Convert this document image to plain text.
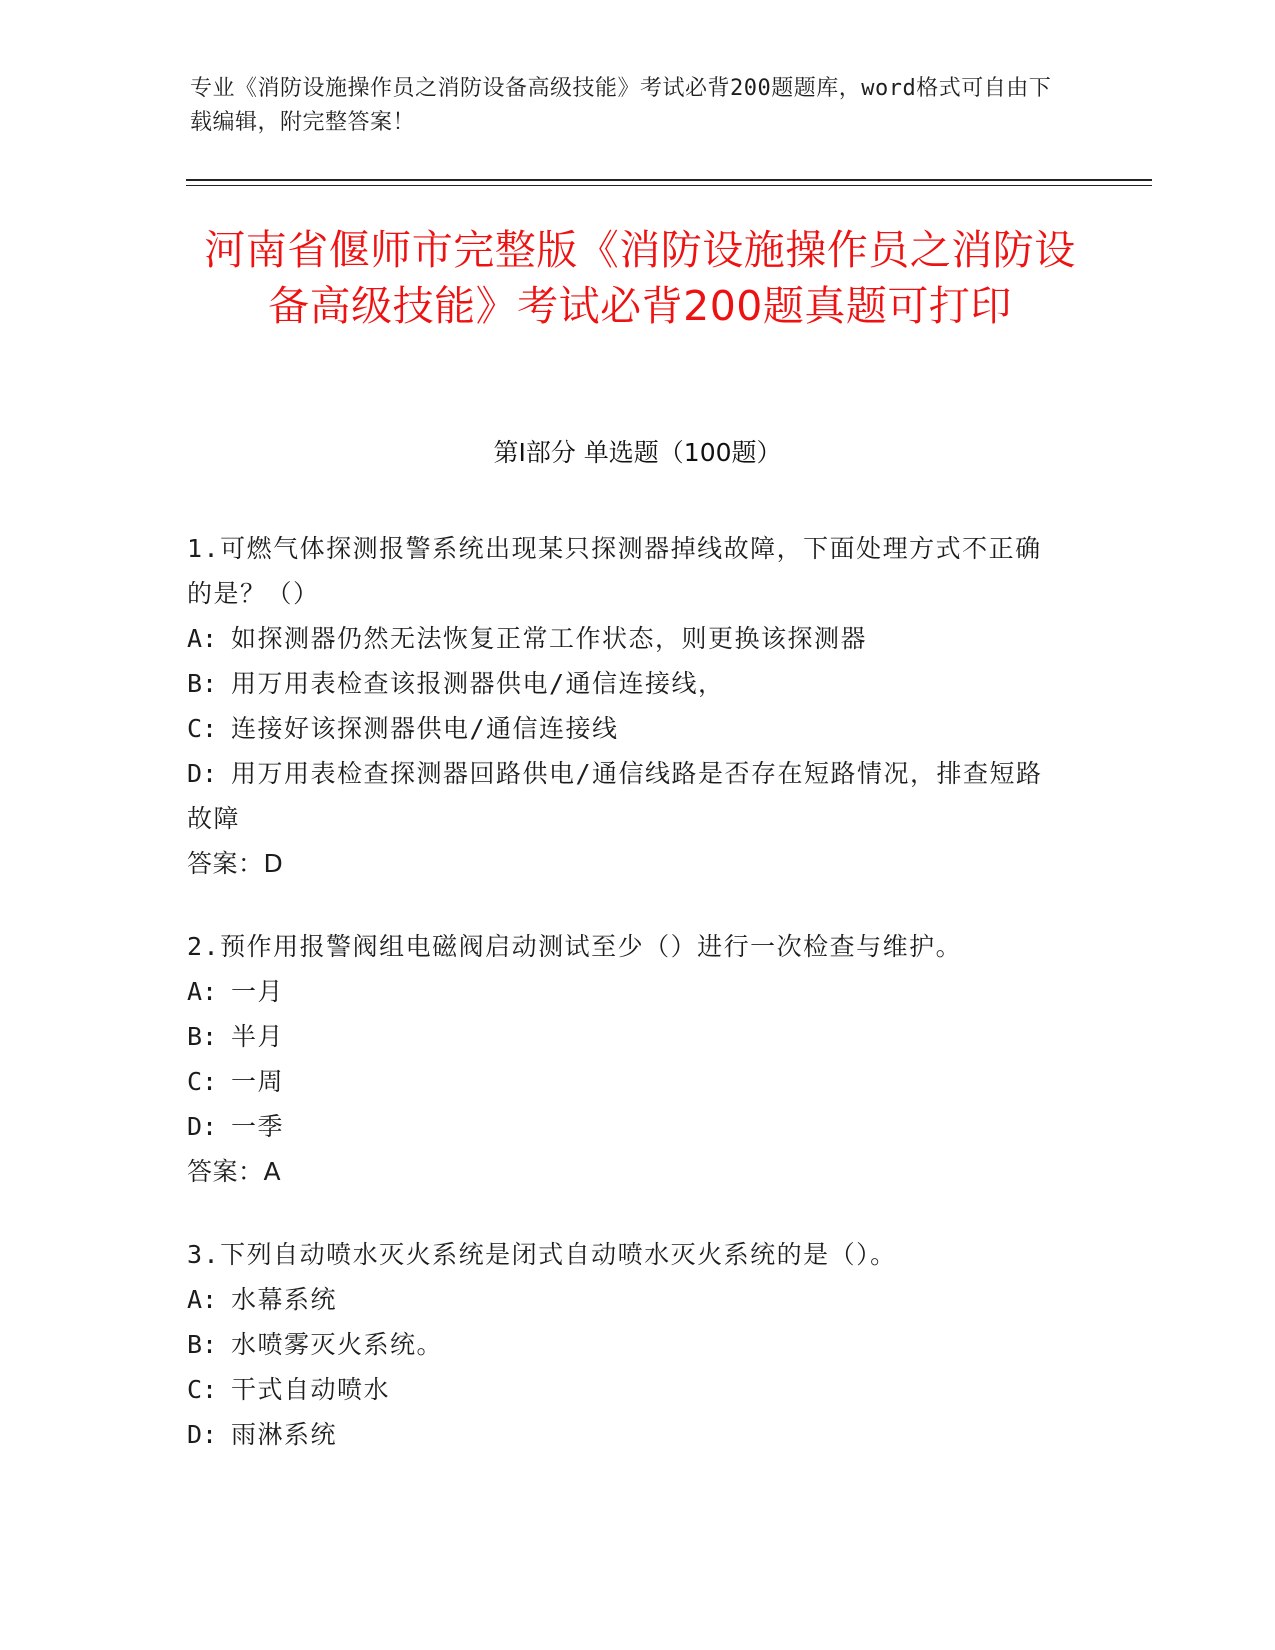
专业《消防设施操作员之消防设备高级技能》考试必背200题题库，word格式可自由下载编辑，附完整答案！
河南省偃师市完整版《消防设施操作员之消防设备高级技能》考试必背200题真题可打印
第I部分 单选题（100题）
1.可燃气体探测报警系统出现某只探测器掉线故障，下面处理方式不正确的是？（）
A: 如探测器仍然无法恢复正常工作状态，则更换该探测器
B: 用万用表检查该报测器供电/通信连接线，
C: 连接好该探测器供电/通信连接线
D: 用万用表检查探测器回路供电/通信线路是否存在短路情况，排查短路故障
答案：D
2.预作用报警阀组电磁阀启动测试至少（）进行一次检查与维护。
A: 一月
B: 半月
C: 一周
D: 一季
答案：A
3.下列自动喷水灭火系统是闭式自动喷水灭火系统的是（）。
A: 水幕系统
B: 水喷雾灭火系统。
C: 干式自动喷水
D: 雨淋系统
